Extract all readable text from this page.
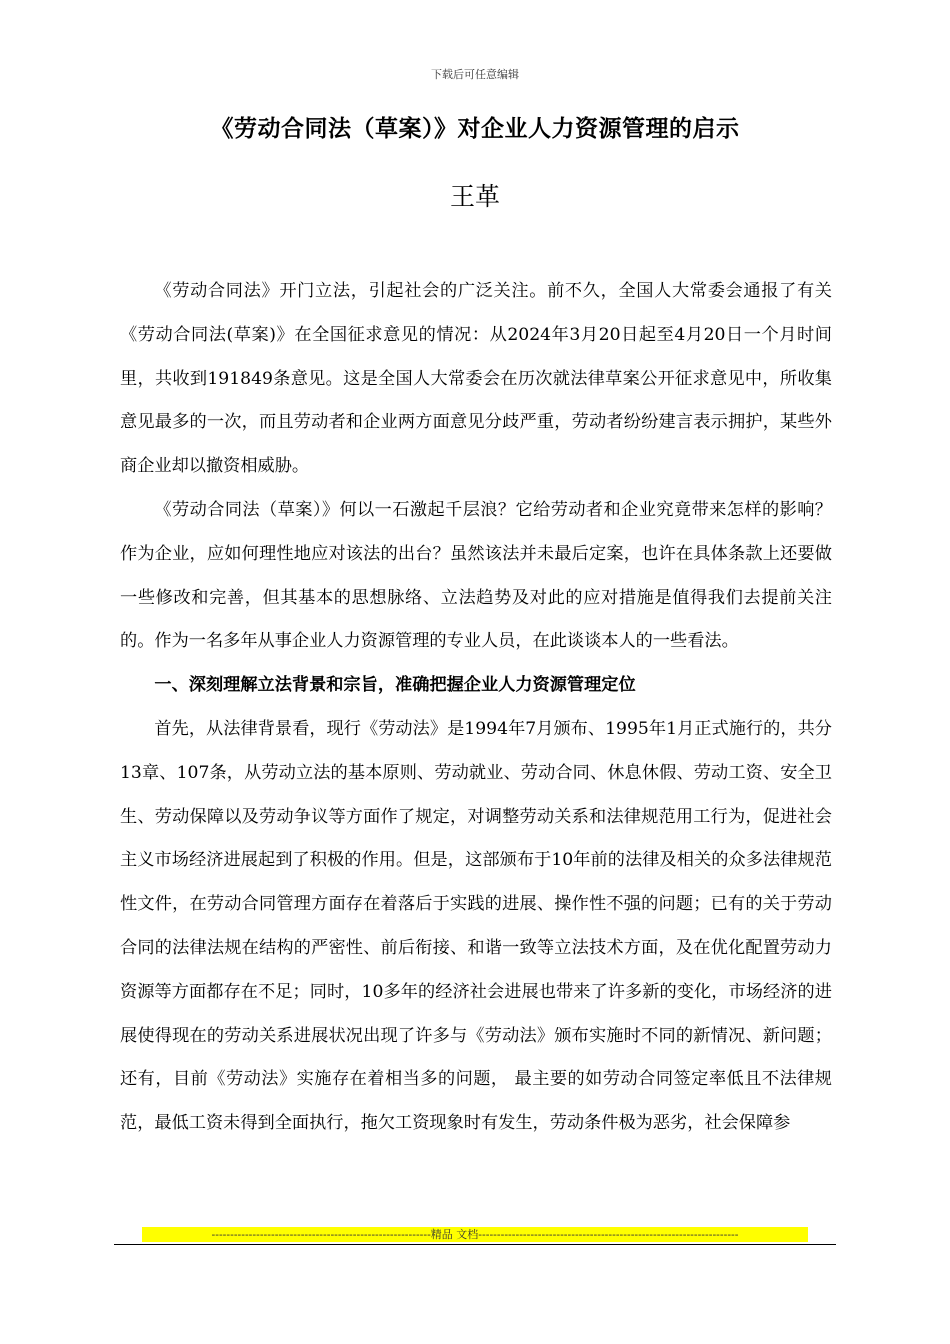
下载后可任意编辑
《劳动合同法（草案）》对企业人力资源管理的启示
王革

《劳动合同法》开门立法，引起社会的广泛关注。前不久，全国人大常委会通报了有关《劳动合同法(草案)》在全国征求意见的情况：从2024年3月20日起至4月20日一个月时间里，共收到191849条意见。这是全国人大常委会在历次就法律草案公开征求意见中，所收集意见最多的一次，而且劳动者和企业两方面意见分歧严重，劳动者纷纷建言表示拥护，某些外商企业却以撤资相威胁。

《劳动合同法（草案）》何以一石激起千层浪？它给劳动者和企业究竟带来怎样的影响？作为企业，应如何理性地应对该法的出台？虽然该法并未最后定案，也许在具体条款上还要做一些修改和完善，但其基本的思想脉络、立法趋势及对此的应对措施是值得我们去提前关注的。作为一名多年从事企业人力资源管理的专业人员，在此谈谈本人的一些看法。

一、深刻理解立法背景和宗旨，准确把握企业人力资源管理定位

首先，从法律背景看，现行《劳动法》是1994年7月颁布、1995年1月正式施行的，共分13章、107条，从劳动立法的基本原则、劳动就业、劳动合同、休息休假、劳动工资、安全卫生、劳动保障以及劳动争议等方面作了规定，对调整劳动关系和法律规范用工行为，促进社会主义市场经济进展起到了积极的作用。但是，这部颁布于10年前的法律及相关的众多法律规范性文件，在劳动合同管理方面存在着落后于实践的进展、操作性不强的问题；已有的关于劳动合同的法律法规在结构的严密性、前后衔接、和谐一致等立法技术方面，及在优化配置劳动力资源等方面都存在不足；同时，10多年的经济社会进展也带来了许多新的变化，市场经济的进展使得现在的劳动关系进展状况出现了许多与《劳动法》颁布实施时不同的新情况、新问题；还有，目前《劳动法》实施存在着相当多的问题， 最主要的如劳动合同签定率低且不法律规范，最低工资未得到全面执行，拖欠工资现象时有发生，劳动条件极为恶劣，社会保障参

-----------------------------------------------------------精品 文档----------------------------------------------------------------------
